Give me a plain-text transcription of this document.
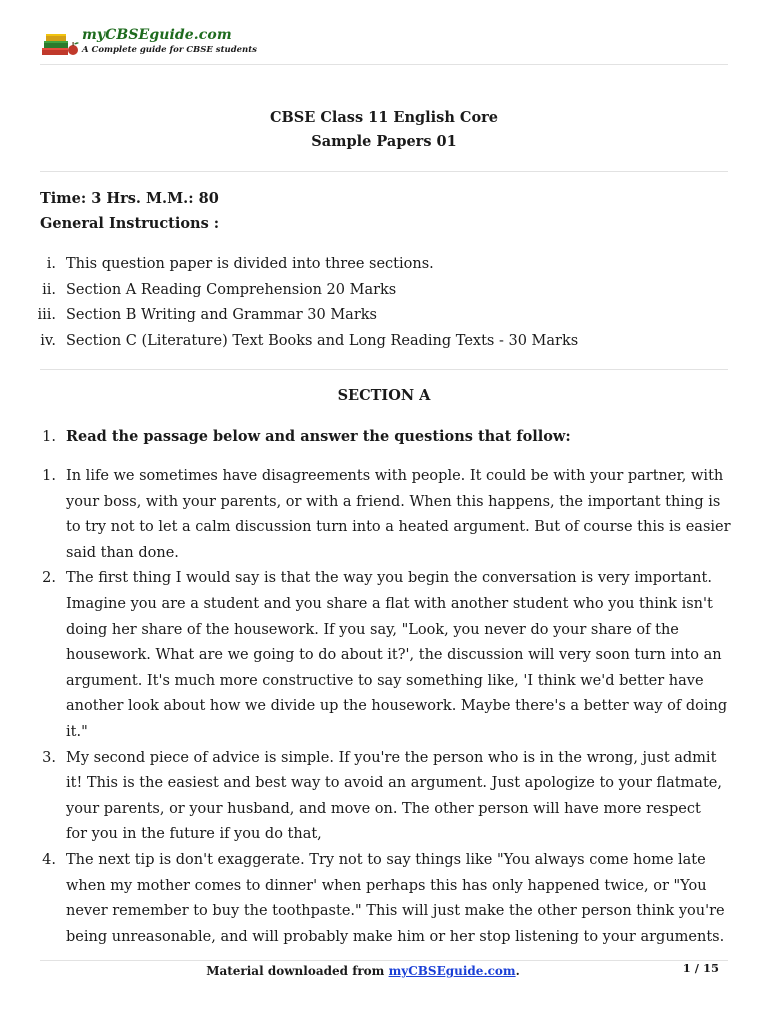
myCBSEguide.com
A Complete guide for CBSE students
CBSE Class 11 English Core
Sample Papers 01
Time: 3 Hrs. M.M.: 80
General Instructions :
i. This question paper is divided into three sections.
ii. Section A Reading Comprehension 20 Marks
iii. Section B Writing and Grammar 30 Marks
iv. Section C (Literature) Text Books and Long Reading Texts - 30 Marks
SECTION A
1. Read the passage below and answer the questions that follow:
1. In life we sometimes have disagreements with people. It could be with your partner, with
your boss, with your parents, or with a friend. When this happens, the important thing is
to try not to let a calm discussion turn into a heated argument. But of course this is easier
said than done.
2. The first thing I would say is that the way you begin the conversation is very important.
Imagine you are a student and you share a flat with another student who you think isn't
doing her share of the housework. If you say, "Look, you never do your share of the
housework. What are we going to do about it?', the discussion will very soon turn into an
argument. It's much more constructive to say something like, 'I think we'd better have
another look about how we divide up the housework. Maybe there's a better way of doing
it."
3. My second piece of advice is simple. If you're the person who is in the wrong, just admit
it! This is the easiest and best way to avoid an argument. Just apologize to your flatmate,
your parents, or your husband, and move on. The other person will have more respect
for you in the future if you do that,
4. The next tip is don't exaggerate. Try not to say things like "You always come home late
when my mother comes to dinner' when perhaps this has only happened twice, or "You
never remember to buy the toothpaste." This will just make the other person think you're
being unreasonable, and will probably make him or her stop listening to your arguments.
Material downloaded from myCBSEguide.com.	1 / 15
